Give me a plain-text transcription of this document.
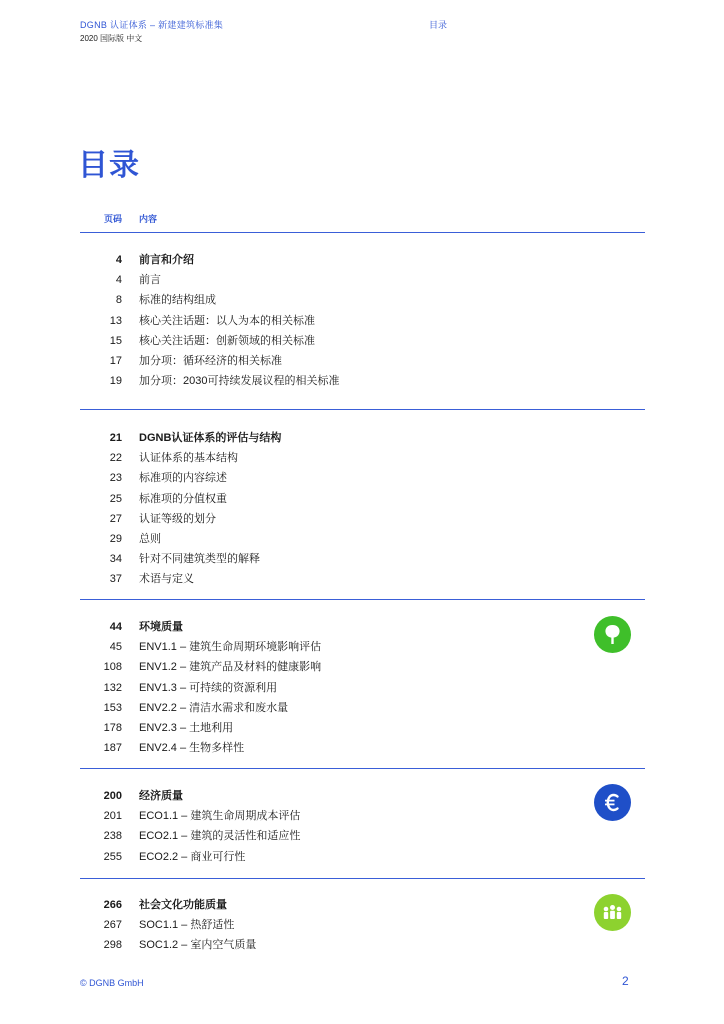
DGNB 认证体系 – 新建建筑标准集	目录
2020 国际版 中文
目录
页码 内容
4 前言和介绍
4 前言
8 标准的结构组成
13 核心关注话题：以人为本的相关标准
15 核心关注话题：创新领域的相关标准
17 加分项：循环经济的相关标准
19 加分项：2030可持续发展议程的相关标准
21 DGNB认证体系的评估与结构
22 认证体系的基本结构
23 标准项的内容综述
25 标准项的分值权重
27 认证等级的划分
29 总则
34 针对不同建筑类型的解释
37 术语与定义
44 环境质量
45 ENV1.1 – 建筑生命周期环境影响评估
108 ENV1.2 – 建筑产品及材料的健康影响
132 ENV1.3 – 可持续的资源利用
153 ENV2.2 – 清洁水需求和废水量
178 ENV2.3 – 土地利用
187 ENV2.4 – 生物多样性
200 经济质量
201 ECO1.1 – 建筑生命周期成本评估
238 ECO2.1 – 建筑的灵活性和适应性
255 ECO2.2 – 商业可行性
266 社会文化功能质量
267 SOC1.1 – 热舒适性
298 SOC1.2 – 室内空气质量
© DGNB GmbH	2
